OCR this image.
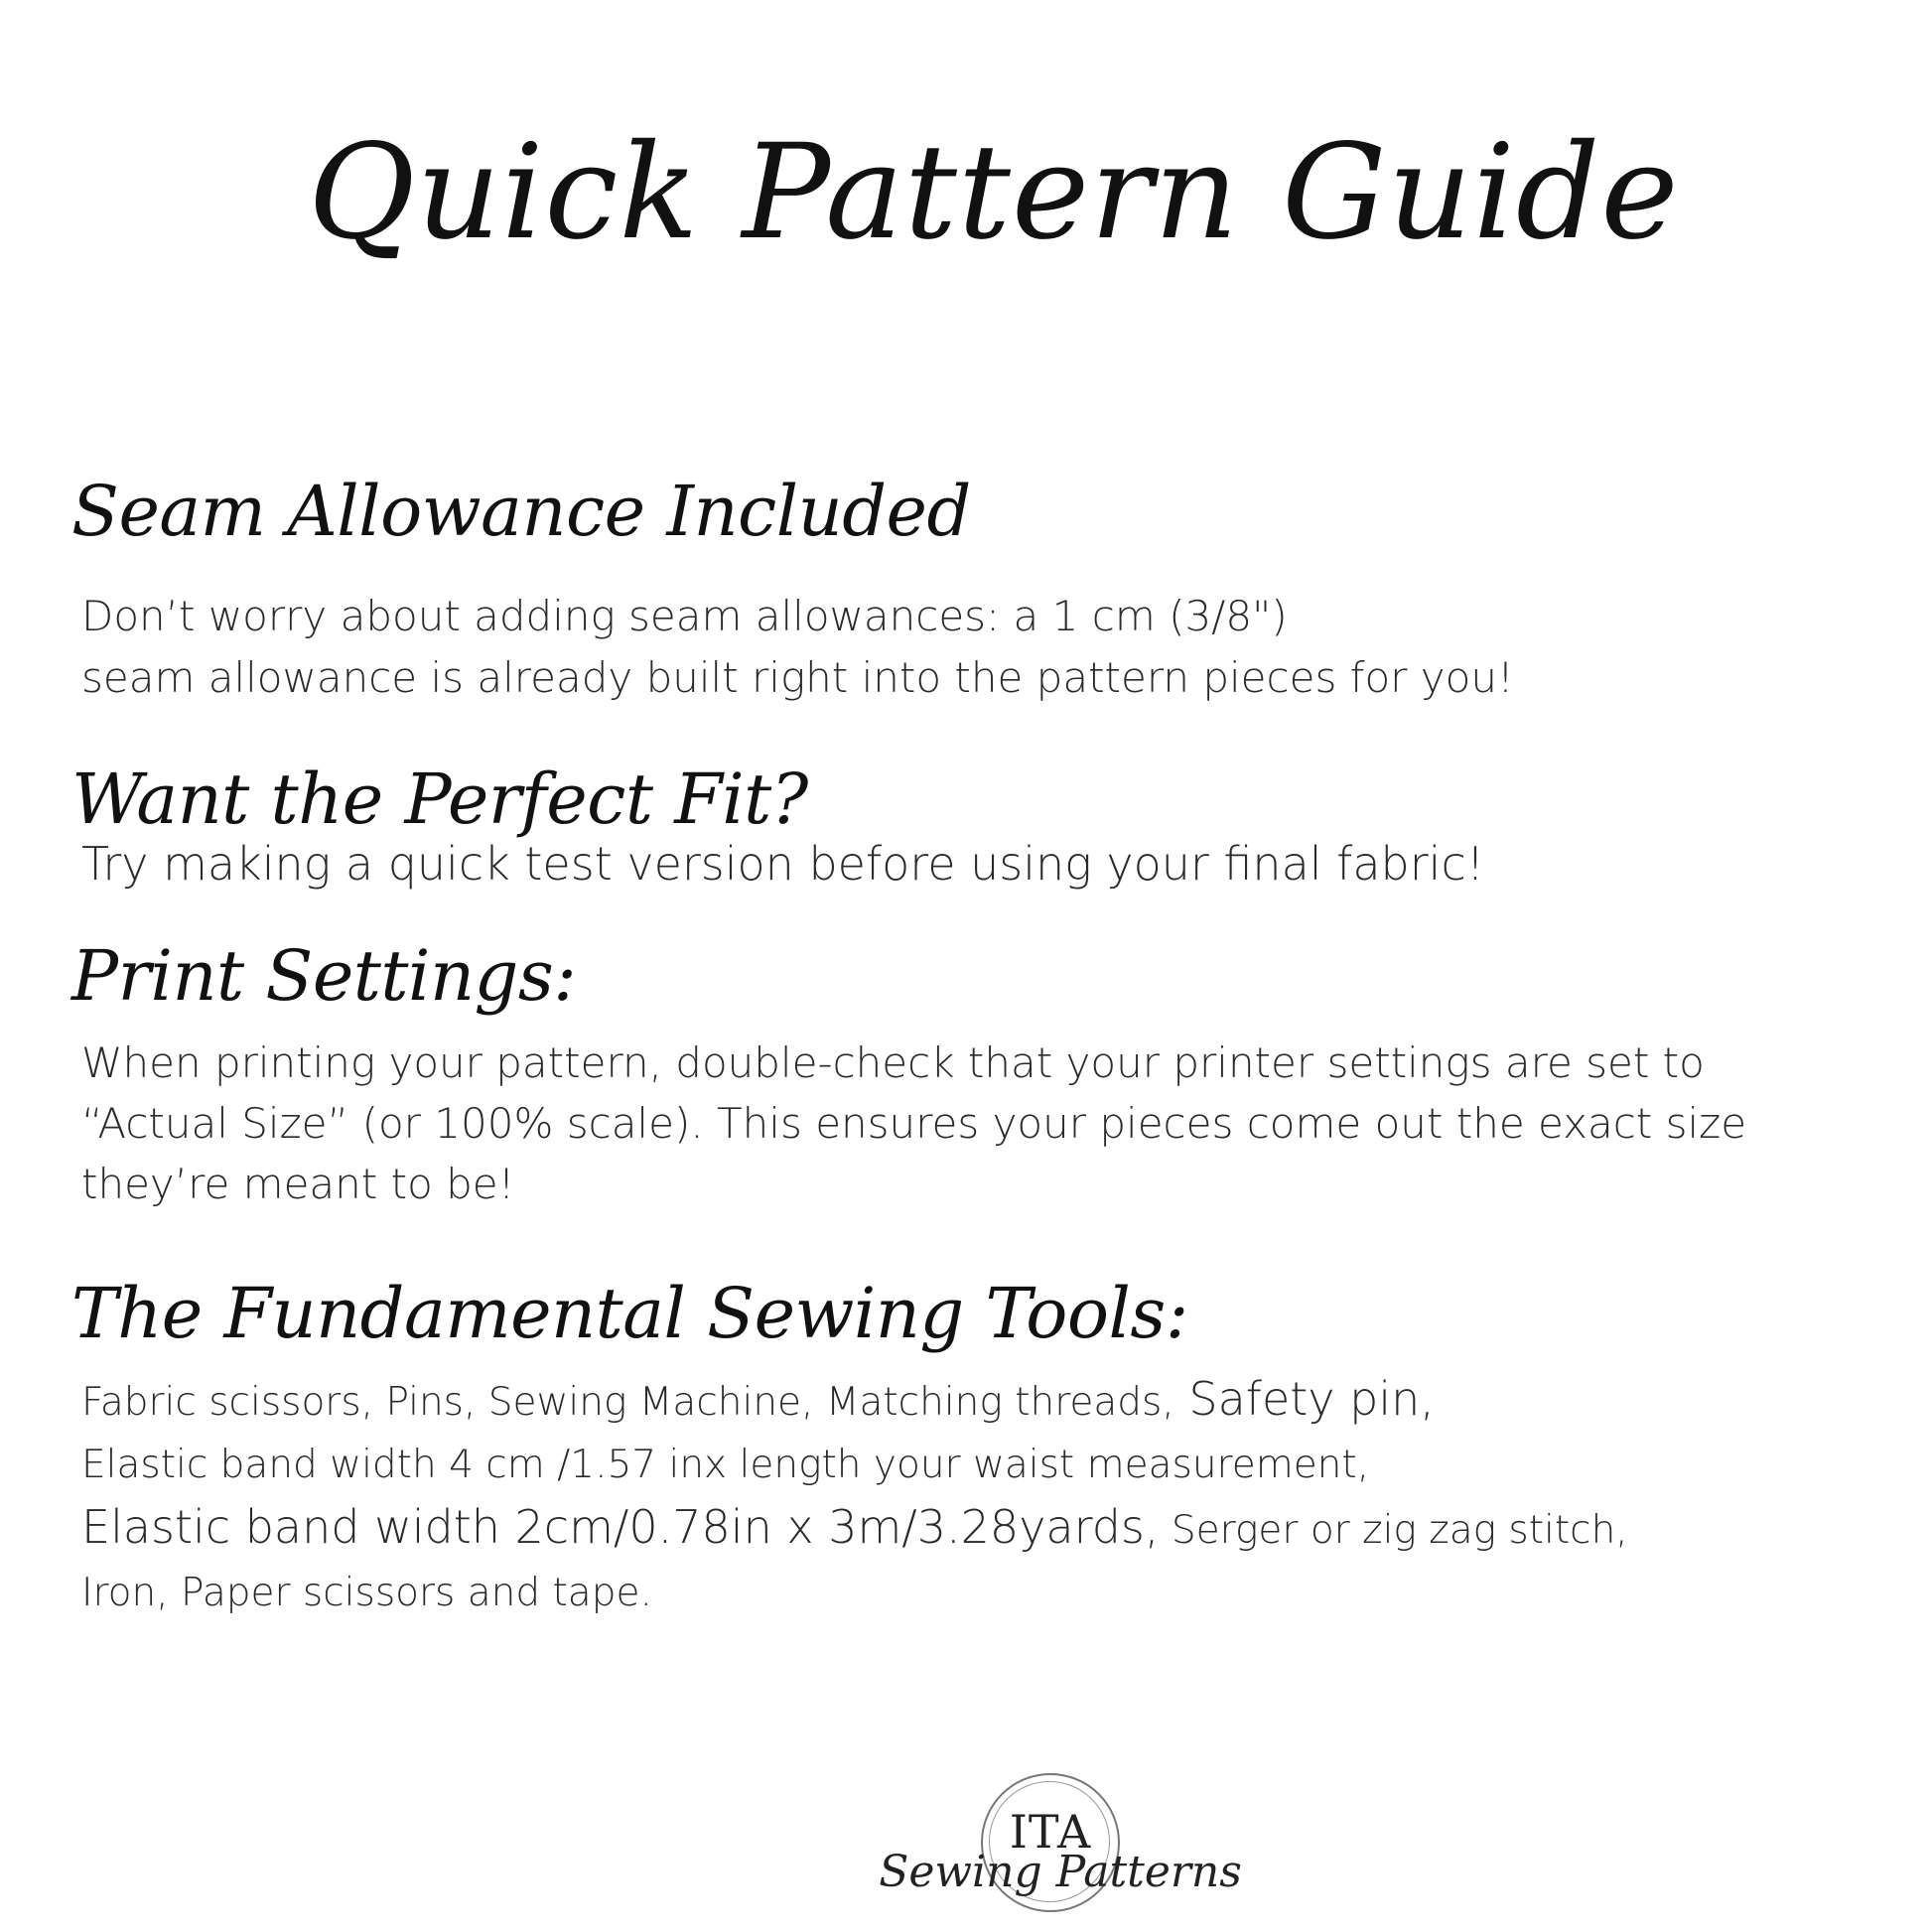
Quick Pattern Guide
Seam Allowance Included
Don’t worry about adding seam allowances: a 1 cm (3/8")
seam allowance is already built right into the pattern pieces for you!
Want the Perfect Fit?
Try making a quick test version before using your final fabric!
Print Settings:
When printing your pattern, double-check that your printer settings are set to
“Actual Size” (or 100% scale). This ensures your pieces come out the exact size
they’re meant to be!
The Fundamental Sewing Tools:
Fabric scissors, Pins, Sewing Machine, Matching threads, Safety pin,
Elastic band width 4 cm /1.57 inx length your waist measurement,
Elastic band width 2cm/0.78in x 3m/3.28yards, Serger or zig zag stitch,
Iron, Paper scissors and tape.
ITA
Sewing Patterns
